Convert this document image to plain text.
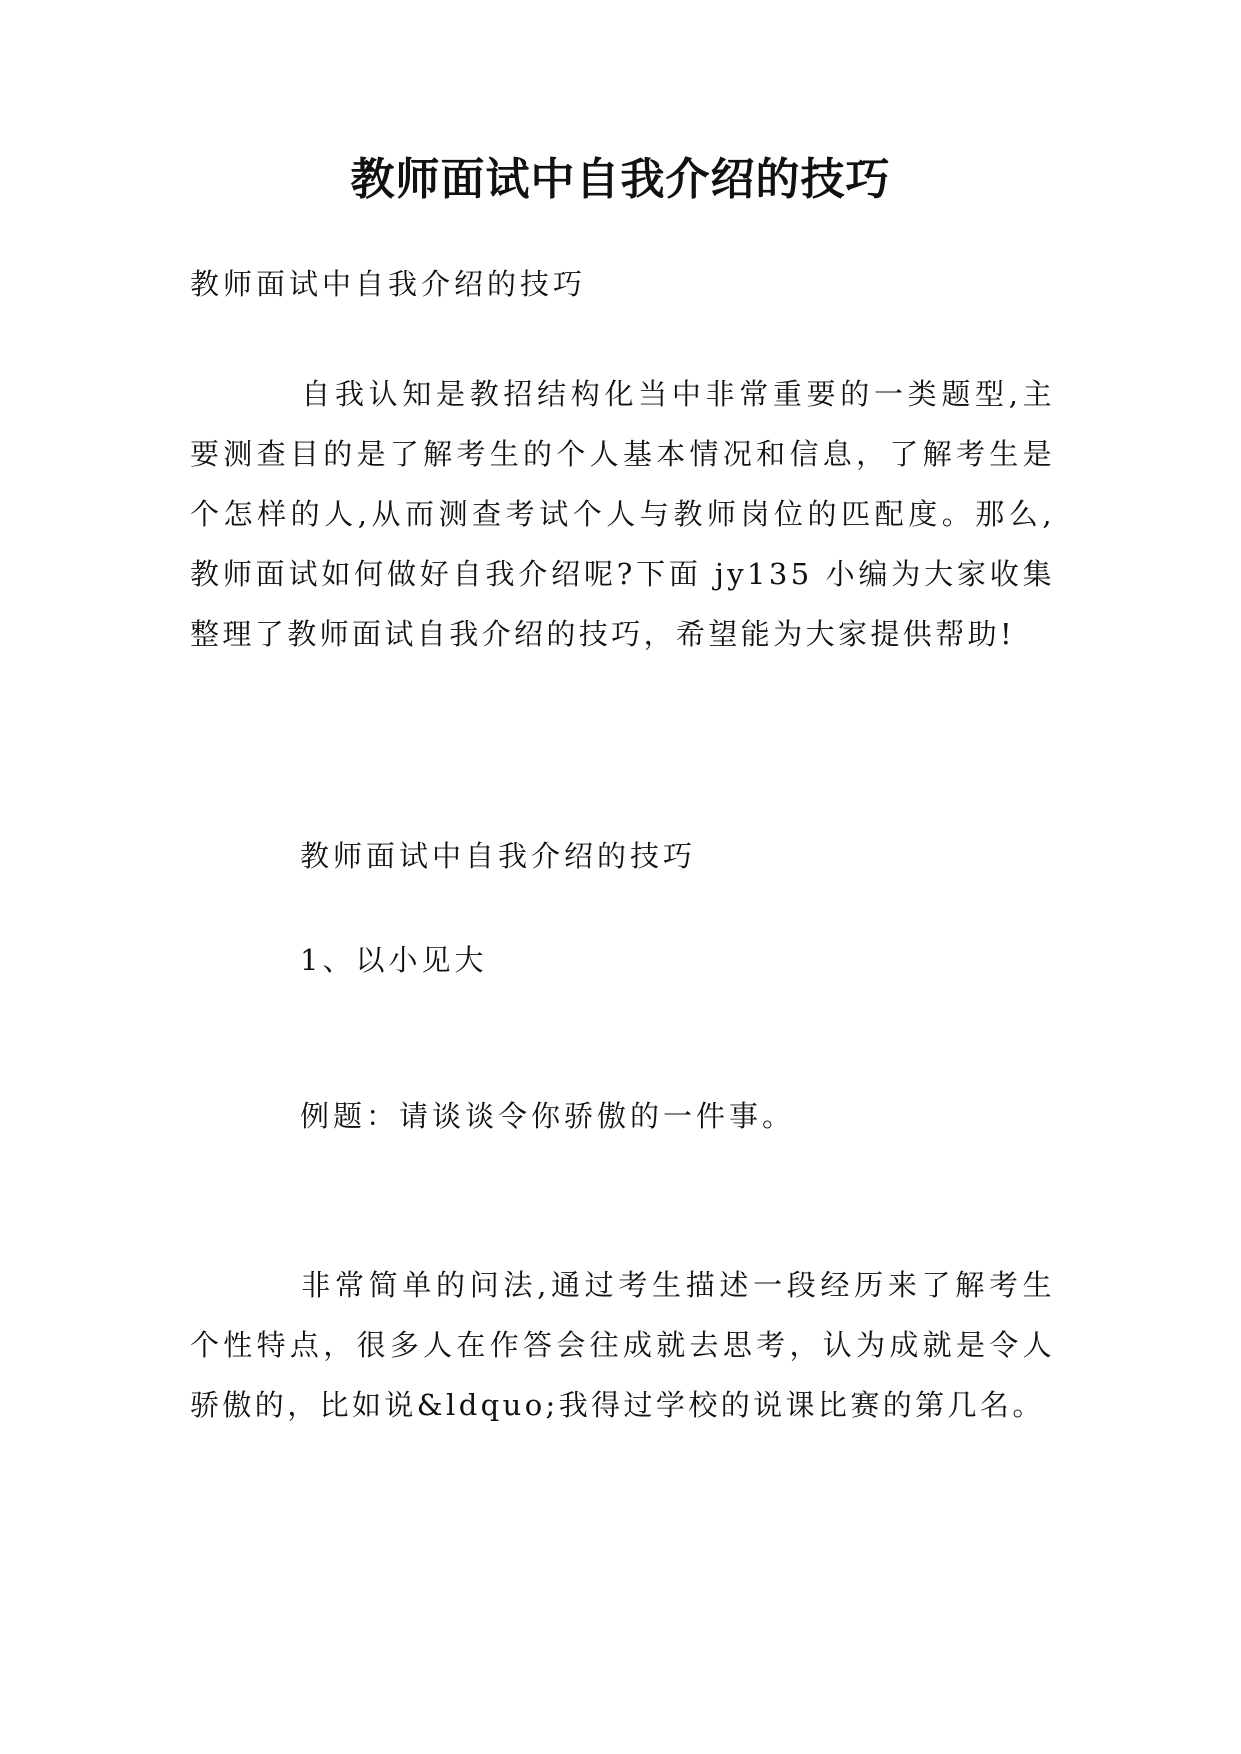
教师面试中自我介绍的技巧
教师面试中自我介绍的技巧
自我认知是教招结构化当中非常重要的一类题型,主要测查目的是了解考生的个人基本情况和信息，了解考生是个怎样的人,从而测查考试个人与教师岗位的匹配度。那么,教师面试如何做好自我介绍呢?下面 jy135 小编为大家收集整理了教师面试自我介绍的技巧，希望能为大家提供帮助!
教师面试中自我介绍的技巧
1、以小见大
例题：请谈谈令你骄傲的一件事。
非常简单的问法,通过考生描述一段经历来了解考生个性特点，很多人在作答会往成就去思考，认为成就是令人骄傲的，比如说&ldquo;我得过学校的说课比赛的第几名。
